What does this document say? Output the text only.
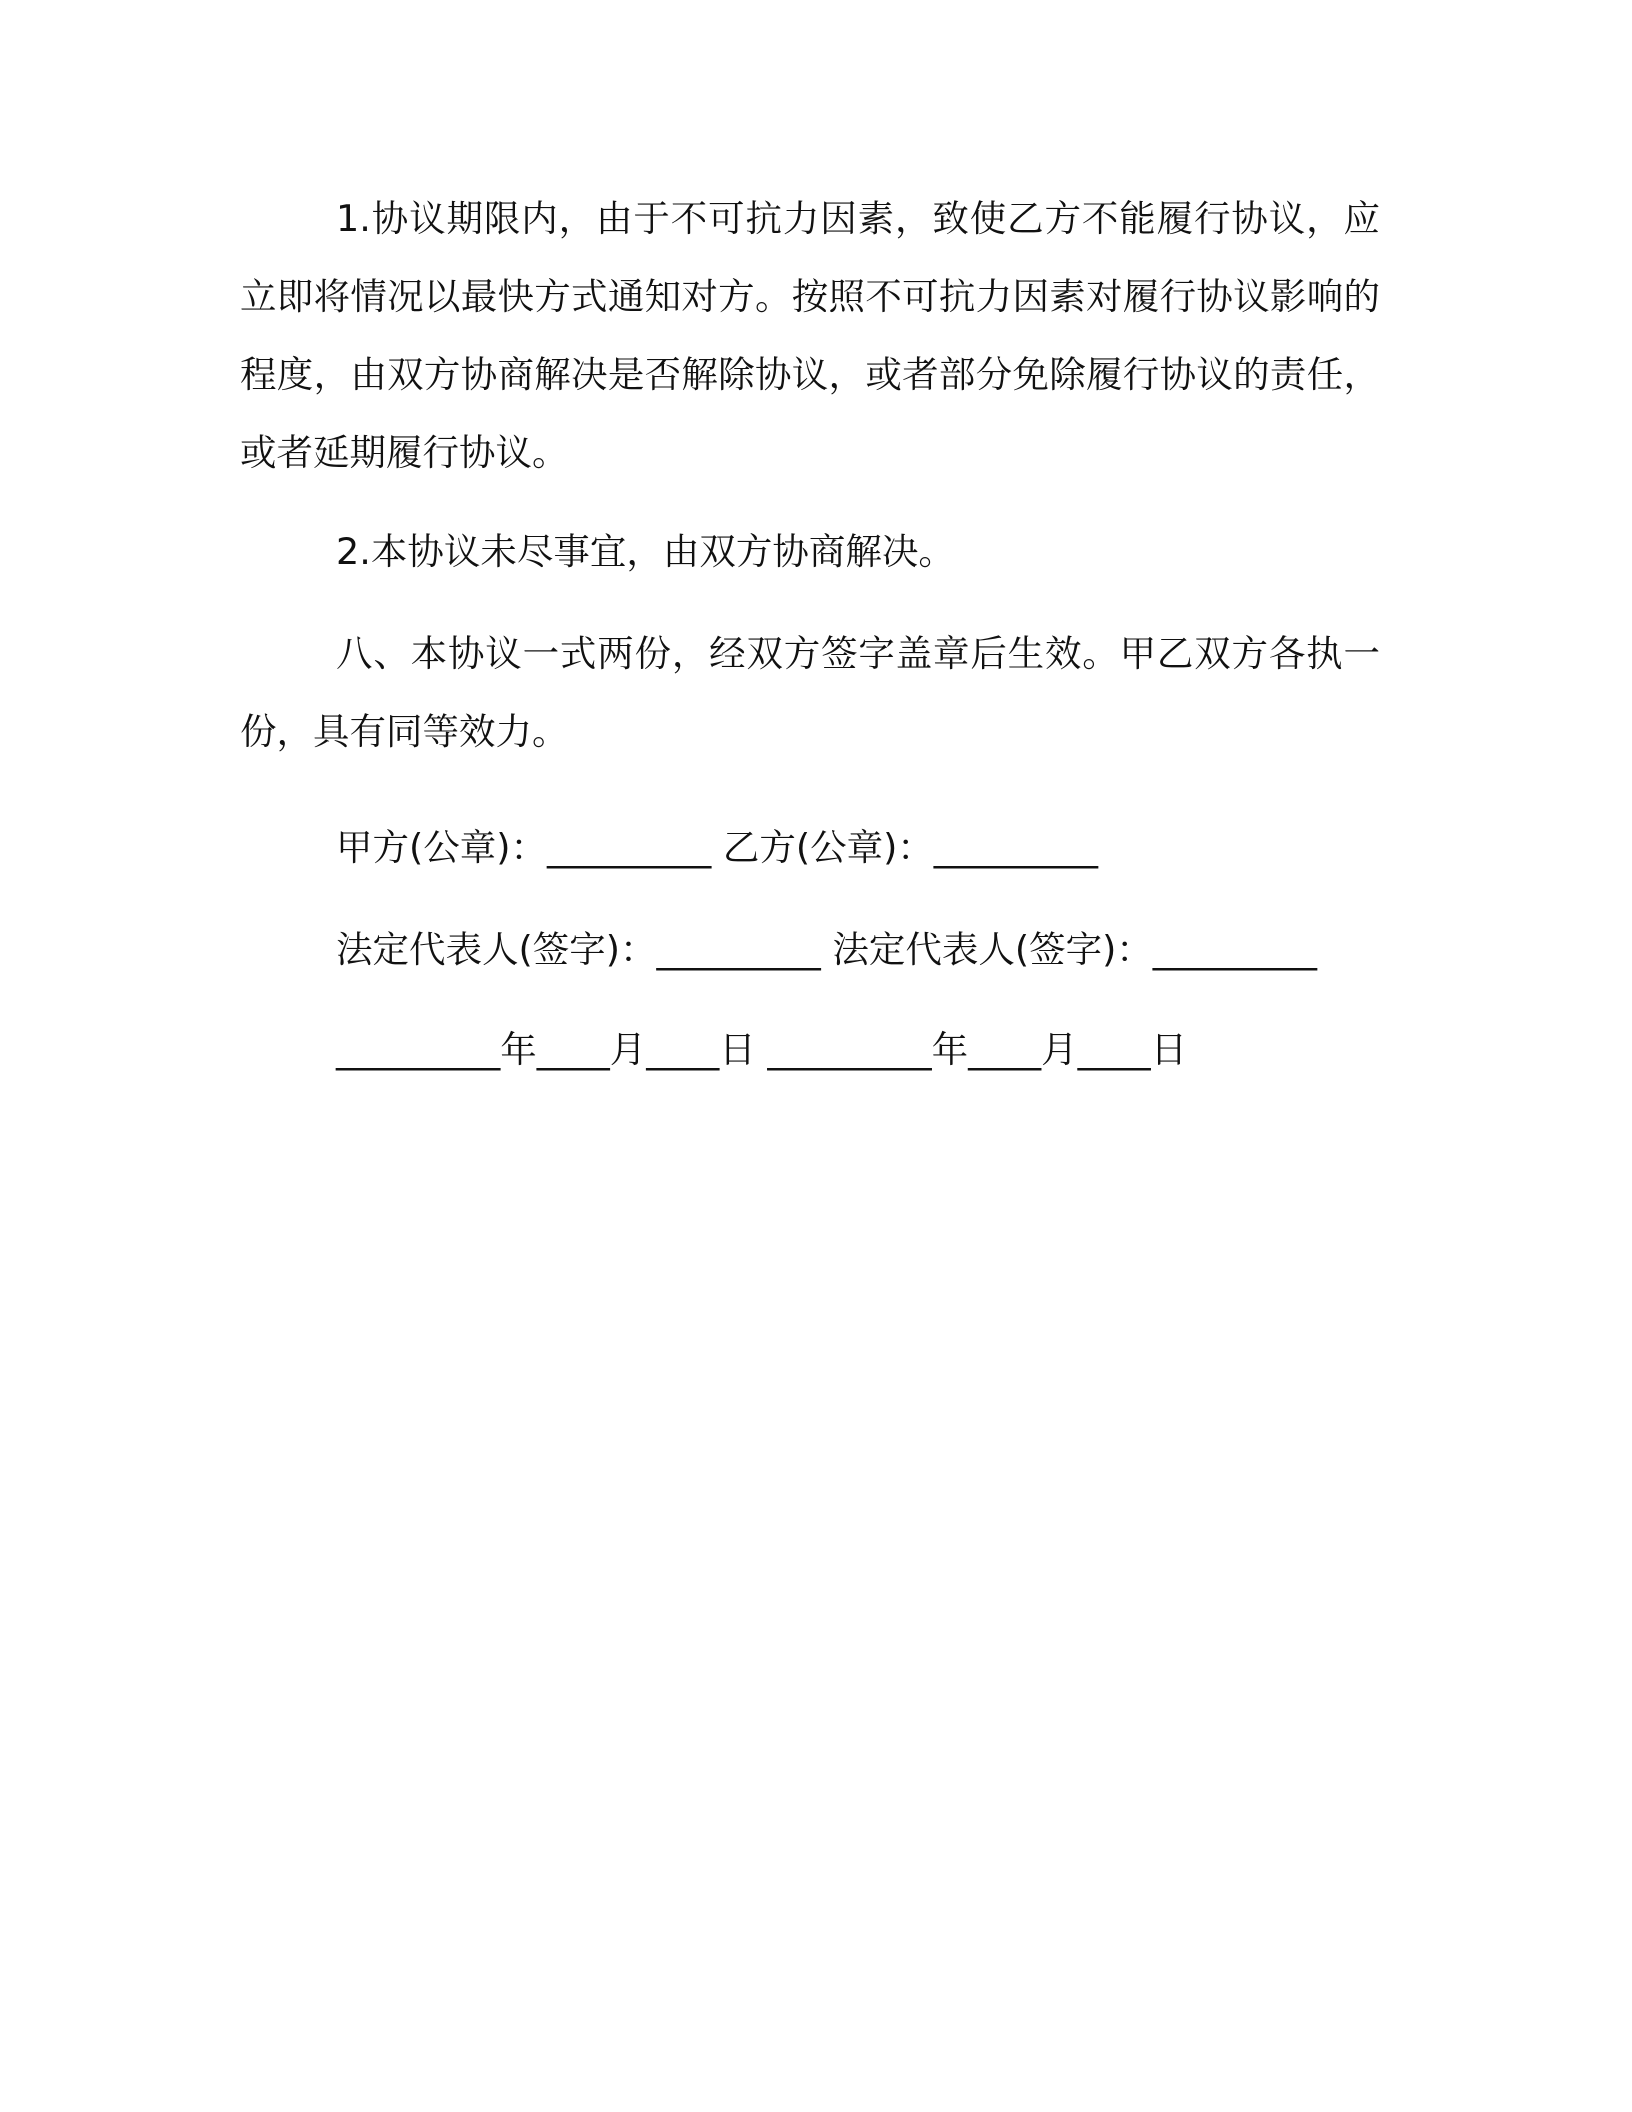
1.协议期限内，由于不可抗力因素，致使乙方不能履行协议，应立即将情况以最快方式通知对方。按照不可抗力因素对履行协议影响的程度，由双方协商解决是否解除协议，或者部分免除履行协议的责任，或者延期履行协议。

2.本协议未尽事宜，由双方协商解决。

八、本协议一式两份，经双方签字盖章后生效。甲乙双方各执一份，具有同等效力。

甲方(公章)：_________ 乙方(公章)：_________

法定代表人(签字)：_________ 法定代表人(签字)：_________

_________年____月____日 _________年____月____日
